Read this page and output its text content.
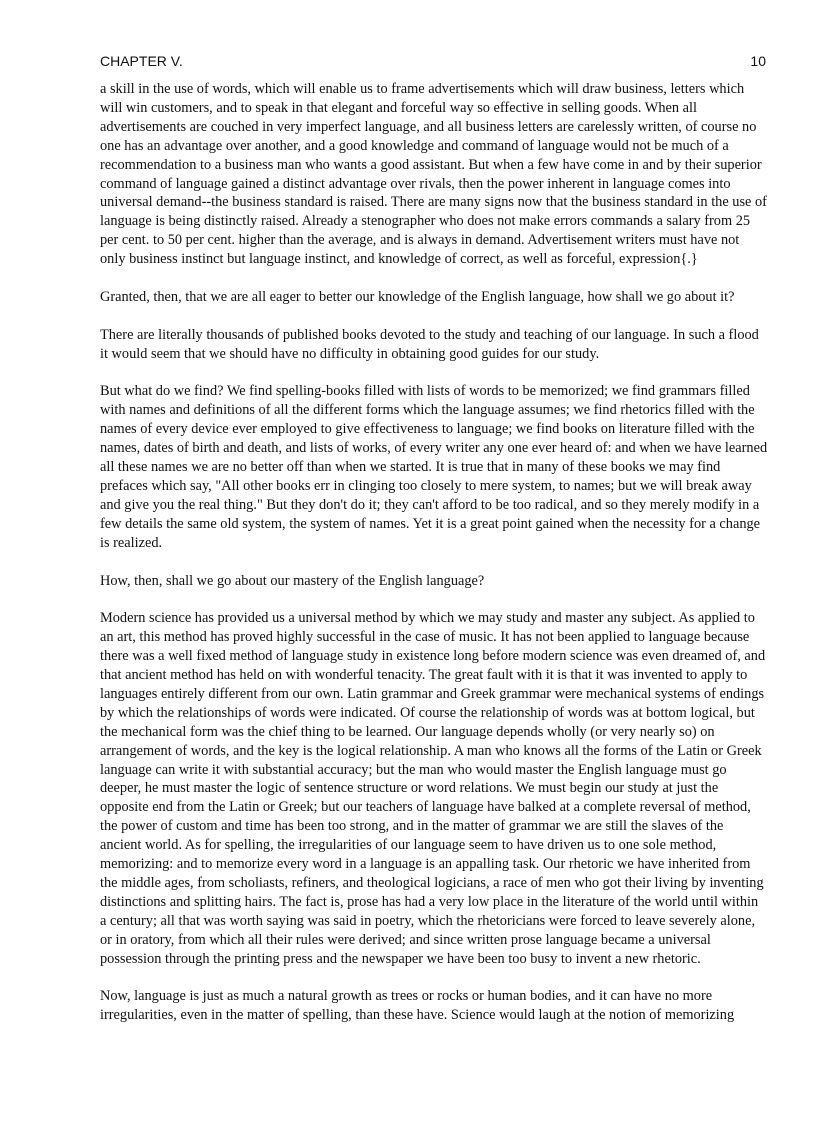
CHAPTER V.	10

a skill in the use of words, which will enable us to frame advertisements which will draw business, letters which will win customers, and to speak in that elegant and forceful way so effective in selling goods. When all advertisements are couched in very imperfect language, and all business letters are carelessly written, of course no one has an advantage over another, and a good knowledge and command of language would not be much of a recommendation to a business man who wants a good assistant. But when a few have come in and by their superior command of language gained a distinct advantage over rivals, then the power inherent in language comes into universal demand--the business standard is raised. There are many signs now that the business standard in the use of language is being distinctly raised. Already a stenographer who does not make errors commands a salary from 25 per cent. to 50 per cent. higher than the average, and is always in demand. Advertisement writers must have not only business instinct but language instinct, and knowledge of correct, as well as forceful, expression{.}

Granted, then, that we are all eager to better our knowledge of the English language, how shall we go about it?

There are literally thousands of published books devoted to the study and teaching of our language. In such a flood it would seem that we should have no difficulty in obtaining good guides for our study.

But what do we find? We find spelling-books filled with lists of words to be memorized; we find grammars filled with names and definitions of all the different forms which the language assumes; we find rhetorics filled with the names of every device ever employed to give effectiveness to language; we find books on literature filled with the names, dates of birth and death, and lists of works, of every writer any one ever heard of: and when we have learned all these names we are no better off than when we started. It is true that in many of these books we may find prefaces which say, "All other books err in clinging too closely to mere system, to names; but we will break away and give you the real thing." But they don't do it; they can't afford to be too radical, and so they merely modify in a few details the same old system, the system of names. Yet it is a great point gained when the necessity for a change is realized.

How, then, shall we go about our mastery of the English language?

Modern science has provided us a universal method by which we may study and master any subject. As applied to an art, this method has proved highly successful in the case of music. It has not been applied to language because there was a well fixed method of language study in existence long before modern science was even dreamed of, and that ancient method has held on with wonderful tenacity. The great fault with it is that it was invented to apply to languages entirely different from our own. Latin grammar and Greek grammar were mechanical systems of endings by which the relationships of words were indicated. Of course the relationship of words was at bottom logical, but the mechanical form was the chief thing to be learned. Our language depends wholly (or very nearly so) on arrangement of words, and the key is the logical relationship. A man who knows all the forms of the Latin or Greek language can write it with substantial accuracy; but the man who would master the English language must go deeper, he must master the logic of sentence structure or word relations. We must begin our study at just the opposite end from the Latin or Greek; but our teachers of language have balked at a complete reversal of method, the power of custom and time has been too strong, and in the matter of grammar we are still the slaves of the ancient world. As for spelling, the irregularities of our language seem to have driven us to one sole method, memorizing: and to memorize every word in a language is an appalling task. Our rhetoric we have inherited from the middle ages, from scholiasts, refiners, and theological logicians, a race of men who got their living by inventing distinctions and splitting hairs. The fact is, prose has had a very low place in the literature of the world until within a century; all that was worth saying was said in poetry, which the rhetoricians were forced to leave severely alone, or in oratory, from which all their rules were derived; and since written prose language became a universal possession through the printing press and the newspaper we have been too busy to invent a new rhetoric.

Now, language is just as much a natural growth as trees or rocks or human bodies, and it can have no more irregularities, even in the matter of spelling, than these have. Science would laugh at the notion of memorizing
